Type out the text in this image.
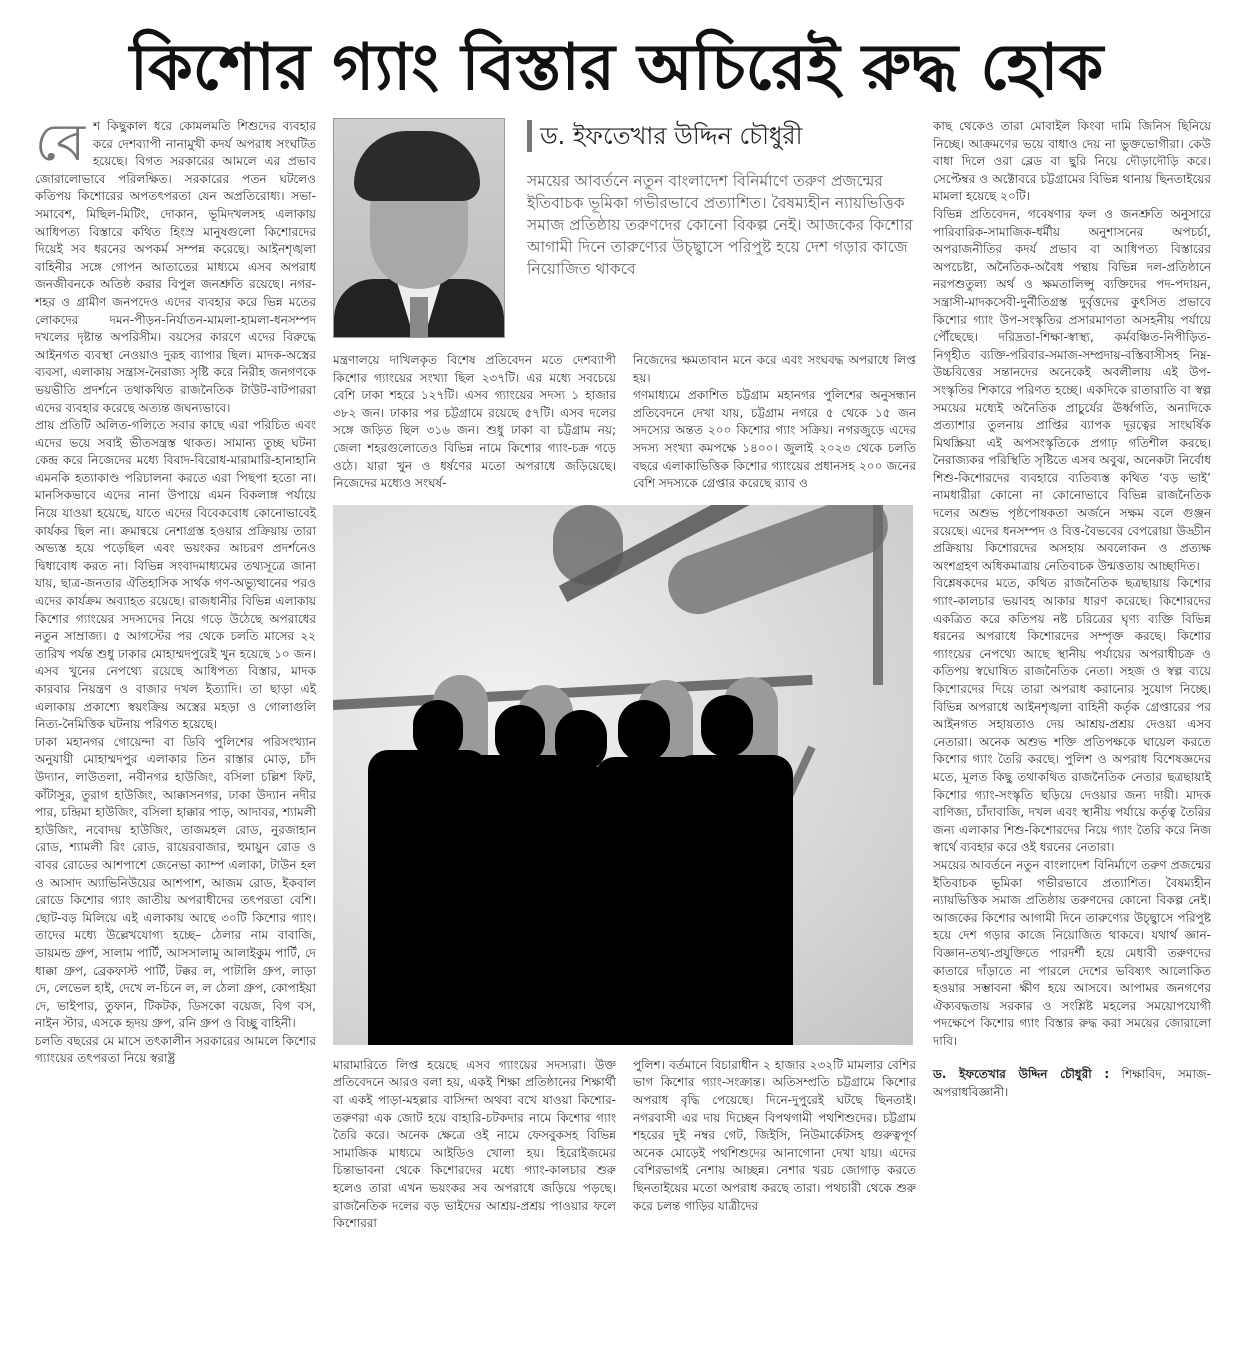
কিশোর গ্যাং বিস্তার অচিরেই রুদ্ধ হোক

বেশ কিছুকাল ধরে কোমলমতি শিশুদের ব্যবহার করে দেশব্যাপী নানামুখী কদর্য অপরাধ সংঘটিত হয়েছে। বিগত সরকারের আমলে এর প্রভাব জোরালোভাবে পরিলক্ষিত। সরকারের পতন ঘটলেও কতিপয় কিশোরের অপতৎপরতা যেন অপ্রতিরোধ্য। সভা-সমাবেশ, মিছিল-মিটিং, দোকান, ভূমিদখলসহ এলাকায় আধিপত্য বিস্তারে কথিত হিংস্র মানুষগুলো কিশোরদের দিয়েই সব ধরনের অপকর্ম সম্পন্ন করেছে। আইনশৃঙ্খলা বাহিনীর সঙ্গে গোপন আতাতের মাধ্যমে এসব অপরাধ জনজীবনকে অতিষ্ঠ করার বিপুল জনশ্রুতি রয়েছে। নগর-শহর ও গ্রামীণ জনপদেও এদের ব্যবহার করে ভিন্ন মতের লোকদের দমন-পীড়ন-নির্যাতন-মামলা-হামলা-ধনসম্পদ দখলের দৃষ্টান্ত অপরিসীম। বয়সের কারণে এদের বিরুদ্ধে আইনগত ব্যবস্থা নেওয়াও দুরূহ ব্যাপার ছিল। মাদক-অস্ত্রের ব্যবসা, এলাকায় সন্ত্রাস-নৈরাজ্য সৃষ্টি করে নিরীহ জনগণকে ভয়ভীতি প্রদর্শনে তথাকথিত রাজনৈতিক টাউট-বাটপাররা এদের ব্যবহার করেছে অত্যন্ত জঘন্যভাবে।

প্রায় প্রতিটি অলিত-গলিতে সবার কাছে এরা পরিচিত এবং এদের ভয়ে সবাই ভীতসন্ত্রস্ত থাকত। সামান্য তুচ্ছ ঘটনা কেন্দ্র করে নিজেদের মধ্যে বিবাদ-বিরোধ-মারামারি-হানাহানি এমনকি হত্যাকাণ্ড পরিচালনা করতে এরা পিছপা হতো না। মানসিকভাবে এদের নানা উপায়ে এমন বিকলাঙ্গ পর্যায়ে নিয়ে যাওয়া হয়েছে, যাতে এদের বিবেকবোধ কোনোভাবেই কার্যকর ছিল না। ক্রমান্বয়ে নেশাগ্রস্ত হওয়ার প্রক্রিয়ায় তারা অভ্যস্ত হয়ে পড়েছিল এবং ভয়ংকর আচরণ প্রদর্শনেও দ্বিধাবোধ করত না। বিভিন্ন সংবাদমাধ্যমের তথ্যসূত্রে জানা যায়, ছাত্র-জনতার ঐতিহাসিক সার্থক গণ-অভ্যুত্থানের পরও এদের কার্যক্রম অব্যাহত রয়েছে। রাজধানীর বিভিন্ন এলাকায় কিশোর গ্যাংয়ের সদস্যদের নিয়ে গড়ে উঠেছে অপরাধের নতুন সাম্রাজ্য। ৫ আগস্টের পর থেকে চলতি মাসের ২২ তারিখ পর্যন্ত শুধু ঢাকার মোহাম্মদপুরেই খুন হয়েছে ১০ জন। এসব খুনের নেপথ্যে রয়েছে আধিপত্য বিস্তার, মাদক কারবার নিয়ন্ত্রণ ও বাজার দখল ইত্যাদি। তা ছাড়া এই এলাকায় প্রকাশ্যে স্বয়ংক্রিয় অস্ত্রের মহড়া ও গোলাগুলি নিত্য-নৈমিত্তিক ঘটনায় পরিণত হয়েছে।

ঢাকা মহানগর গোয়েন্দা বা ডিবি পুলিশের পরিসংখ্যান অনুযায়ী মোহাম্মদপুর এলাকার তিন রাস্তার মোড়, চাঁদ উদ্যান, লাউতলা, নবীনগর হাউজিং, বসিলা চল্লিশ ফিট, কাঁটাসুর, তুরাগ হাউজিং, আক্কাসনগর, ঢাকা উদ্যান নদীর পার, চন্দ্রিমা হাউজিং, বসিলা হাক্কার পাড়, আদাবর, শ্যামলী হাউজিং, নবোদয় হাউজিং, তাজমহল রোড, নুরজাহান রোড, শ্যামলী রিং রোড, রায়েরবাজার, হুমায়ুন রোড ও বাবর রোডের আশপাশে জেনেভা ক্যাম্প এলাকা, টাউন হল ও আসাদ অ্যাভিনিউয়ের আশপাশ, আজম রোড, ইকবাল রোডে কিশোর গ্যাং জাতীয় অপরাধীদের তৎপরতা বেশি। ছোট-বড় মিলিয়ে এই এলাকায় আছে ৩০টি কিশোর গ্যাং। তাদের মধ্যে উল্লেখযোগ্য হচ্ছে– ঠেলার নাম বাবাজি, ডায়মন্ড গ্রুপ, সালাম পার্টি, আসসালামু আলাইকুম পার্টি, দে ধাক্কা গ্রুপ, ব্রেকফাস্ট পার্টি, টক্কর ল, পাটালি গ্রুপ, লাড়া দে, লেভেল হাই, দেখে ল-চিনে ল, ল ঠেলা গ্রুপ, কোপাইয়া দে, ভাইপার, তুফান, টিকটক, ডিসকো বয়েজ, বিগ বস, নাইন স্টার, এসকে হৃদয় গ্রুপ, রনি গ্রুপ ও বিচ্ছু বাহিনী।

চলতি বছরের মে মাসে তৎকালীন সরকারের আমলে কিশোর গ্যাংয়ের তৎপরতা নিয়ে স্বরাষ্ট্র

ড. ইফতেখার উদ্দিন চৌধুরী
সময়ের আবর্তনে নতুন বাংলাদেশ বিনির্মাণে তরুণ প্রজন্মের ইতিবাচক ভূমিকা গভীরভাবে প্রত্যাশিত। বৈষম্যহীন ন্যায়ভিত্তিক সমাজ প্রতিষ্ঠায় তরুণদের কোনো বিকল্প নেই। আজকের কিশোর আগামী দিনে তারুণ্যের উচ্ছ্বাসে পরিপুষ্ট হয়ে দেশ গড়ার কাজে নিয়োজিত থাকবে

মন্ত্রণালয়ে দাখিলকৃত বিশেষ প্রতিবেদন মতে দেশব্যাপী কিশোর গ্যাংয়ের সংখ্যা ছিল ২৩৭টি। এর মধ্যে সবচেয়ে বেশি ঢাকা শহরে ১২৭টি। এসব গ্যাংয়ের সদস্য ১ হাজার ৩৮২ জন। ঢাকার পর চট্টগ্রামে রয়েছে ৫৭টি। এসব দলের সঙ্গে জড়িত ছিল ৩১৬ জন। শুধু ঢাকা বা চট্টগ্রাম নয়; জেলা শহরগুলোতেও বিভিন্ন নামে কিশোর গ্যাং-চক্র গড়ে ওঠে। যারা খুন ও ধর্ষণের মতো অপরাধে জড়িয়েছে। নিজেদের মধ্যেও সংঘর্ষ-

নিজেদের ক্ষমতাবান মনে করে এবং সংঘবদ্ধ অপরাধে লিপ্ত হয়।

গণমাধ্যমে প্রকাশিত চট্টগ্রাম মহানগর পুলিশের অনুসন্ধান প্রতিবেদনে দেখা যায়, চট্টগ্রাম নগরে ৫ থেকে ১৫ জন সদস্যের অন্তত ২০০ কিশোর গ্যাং সক্রিয়। নগরজুড়ে এদের সদস্য সংখ্যা কমপক্ষে ১৪০০। জুলাই ২০২৩ থেকে চলতি বছরে এলাকাভিত্তিক কিশোর গ্যাংয়ের প্রধানসহ ২০০ জনের বেশি সদস্যকে গ্রেপ্তার করেছে র‍্যাব ও

মারামারিতে লিপ্ত হয়েছে এসব গ্যাংয়ের সদস্যরা। উক্ত প্রতিবেদনে আরও বলা হয়, একই শিক্ষা প্রতিষ্ঠানের শিক্ষার্থী বা একই পাড়া-মহল্লার বাসিন্দা অথবা বখে যাওয়া কিশোর-তরুণরা এক জোট হয়ে বাহারি-চটকদার নামে কিশোর গ্যাং তৈরি করে। অনেক ক্ষেত্রে ওই নামে ফেসবুকসহ বিভিন্ন সামাজিক মাধ্যমে আইডিও খোলা হয়। হিরোইজমের চিন্তাভাবনা থেকে কিশোরদের মধ্যে গ্যাং-কালচার শুরু হলেও তারা এখন ভয়ংকর সব অপরাধে জড়িয়ে পড়ছে। রাজনৈতিক দলের বড় ভাইদের আশ্রয়-প্রশ্রয় পাওয়ার ফলে কিশোররা

পুলিশ। বর্তমানে বিচারাধীন ২ হাজার ২৩২টি মামলার বেশির ভাগ কিশোর গ্যাং-সংক্রান্ত। অতিসম্প্রতি চট্টগ্রামে কিশোর অপরাধ বৃদ্ধি পেয়েছে। দিনে-দুপুরেই ঘটছে ছিনতাই। নগরবাসী এর দায় দিচ্ছেন বিপথগামী পথশিশুদের। চট্টগ্রাম শহরের দুই নম্বর গেট, জিইসি, নিউমার্কেটসহ গুরুত্বপূর্ণ অনেক মোড়েই পথশিশুদের আনাগোনা দেখা যায়। এদের বেশিরভাগই নেশায় আচ্ছন্ন। নেশার খরচ জোগাড় করতে ছিনতাইয়ের মতো অপরাধ করছে তারা। পথচারী থেকে শুরু করে চলন্ত গাড়ির যাত্রীদের

কাছ থেকেও তারা মোবাইল কিংবা দামি জিনিস ছিনিয়ে নিচ্ছে। আক্রমণের ভয়ে বাধাও দেয় না ভুক্তভোগীরা। কেউ বাধা দিলে ওরা ব্লেড বা ছুরি নিয়ে দৌড়াদৌড়ি করে। সেপ্টেম্বর ও অক্টোবরে চট্টগ্রামের বিভিন্ন থানায় ছিনতাইয়ের মামলা হয়েছে ২০টি।

বিভিন্ন প্রতিবেদন, গবেষণার ফল ও জনশ্রুতি অনুসারে পারিবারিক-সামাজিক-ধর্মীয় অনুশাসনের অপচর্চা, অপরাজনীতির কদর্য প্রভাব বা আধিপত্য বিস্তারের অপচেষ্টা, অনৈতিক-অবৈধ পন্থায় বিভিন্ন দল-প্রতিষ্ঠানে নরপশুতুল্য অর্থ ও ক্ষমতালিপ্সু ব্যক্তিদের পদ-পদায়ন, সন্ত্রাসী-মাদকসেবী-দুর্নীতিগ্রস্ত দুর্বৃত্তদের কুৎসিত প্রভাবে কিশোর গ্যাং উপ-সংস্কৃতির প্রসারমাণতা অসহনীয় পর্যায়ে পৌঁছেছে। দরিদ্রতা-শিক্ষা-স্বাস্থ্য, কর্মবঞ্চিত-নিপীড়িত-নিগৃহীত ব্যক্তি-পরিবার-সমাজ-সম্প্রদায়-বস্তিবাসীসহ নিম্ন-উচ্চবিত্তের সন্তানদের অনেকেই অবলীলায় এই উপ-সংস্কৃতির শিকারে পরিণত হচ্ছে। একদিকে রাতারাতি বা স্বল্প সময়ের মধ্যেই অনৈতিক প্রাচুর্যের ঊর্ধ্বগতি, অন্যদিকে প্রত্যাশার তুলনায় প্রাপ্তির ব্যাপক দূরত্বের সাংঘর্ষিক মিথস্ক্রিয়া এই অপসংস্কৃতিকে প্রগাঢ় গতিশীল করছে। নৈরাজ্যকর পরিস্থিতি সৃষ্টিতে এসব অবুঝ, অনেকটা নির্বোধ শিশু-কিশোরদের ব্যবহারে ব্যতিব্যস্ত কথিত ‘বড় ভাই’ নামধারীরা কোনো না কোনোভাবে বিভিন্ন রাজনৈতিক দলের অশুভ পৃষ্ঠপোষকতা অর্জনে সক্ষম বলে গুঞ্জন রয়েছে। এদের ধনসম্পদ ও বিত্ত-বৈভবের বেপরোয়া উড্ডীন প্রক্রিয়ায় কিশোরদের অসহায় অবলোকন ও প্রত্যক্ষ অংশগ্রহণ অধিকমাত্রায় নেতিবাচক উন্মত্ততায় আচ্ছাদিত।

বিশ্লেষকদের মতে, কথিত রাজনৈতিক ছত্রছায়ায় কিশোর গ্যাং-কালচার ভয়াবহ আকার ধারণ করেছে। কিশোরদের একত্রিত করে কতিপয় নষ্ট চরিত্রের ঘৃণ্য ব্যক্তি বিভিন্ন ধরনের অপরাধে কিশোরদের সম্পৃক্ত করছে। কিশোর গ্যাংয়ের নেপথ্যে আছে স্থানীয় পর্যায়ের অপরাধীচক্র ও কতিপয় স্বঘোষিত রাজনৈতিক নেতা। সহজ ও স্বল্প ব্যয়ে কিশোরদের দিয়ে তারা অপরাধ করানোর সুযোগ নিচ্ছে। বিভিন্ন অপরাধে আইনশৃঙ্খলা বাহিনী কর্তৃক গ্রেপ্তারের পর আইনগত সহায়তাও দেয় আশ্রয়-প্রশ্রয় দেওয়া এসব নেতারা। অনেক অশুভ শক্তি প্রতিপক্ষকে ঘায়েল করতে কিশোর গ্যাং তৈরি করছে। পুলিশ ও অপরাধ বিশেষজ্ঞদের মতে, মূলত কিছু তথাকথিত রাজনৈতিক নেতার ছত্রছায়াই কিশোর গ্যাং-সংস্কৃতি ছড়িয়ে দেওয়ার জন্য দায়ী। মাদক বাণিজ্য, চাঁদাবাজি, দখল এবং স্থানীয় পর্যায়ে কর্তৃত্ব তৈরির জন্য এলাকার শিশু-কিশোরদের নিয়ে গ্যাং তৈরি করে নিজ স্বার্থে ব্যবহার করে ওই ধরনের নেতারা।

সময়ের আবর্তনে নতুন বাংলাদেশ বিনির্মাণে তরুণ প্রজন্মের ইতিবাচক ভূমিকা গভীরভাবে প্রত্যাশিত। বৈষম্যহীন ন্যায়ভিত্তিক সমাজ প্রতিষ্ঠায় তরুণদের কোনো বিকল্প নেই। আজকের কিশোর আগামী দিনে তারুণ্যের উচ্ছ্বাসে পরিপুষ্ট হয়ে দেশ গড়ার কাজে নিয়োজিত থাকবে। যথার্থ জ্ঞান-বিজ্ঞান-তথ্য-প্রযুক্তিতে পারদর্শী হয়ে মেধাবী তরুণদের কাতারে দাঁড়াতে না পারলে দেশের ভবিষ্যৎ আলোকিত হওয়ার সম্ভাবনা ক্ষীণ হয়ে আসবে। আপামর জনগণের ঐক্যবদ্ধতায় সরকার ও সংশ্লিষ্ট মহলের সময়োপযোগী পদক্ষেপে কিশোর গ্যাং বিস্তার রুদ্ধ করা সময়ের জোরালো দাবি।

ড. ইফতেখার উদ্দিন চৌধুরী : শিক্ষাবিদ, সমাজ-অপরাধবিজ্ঞানী।
